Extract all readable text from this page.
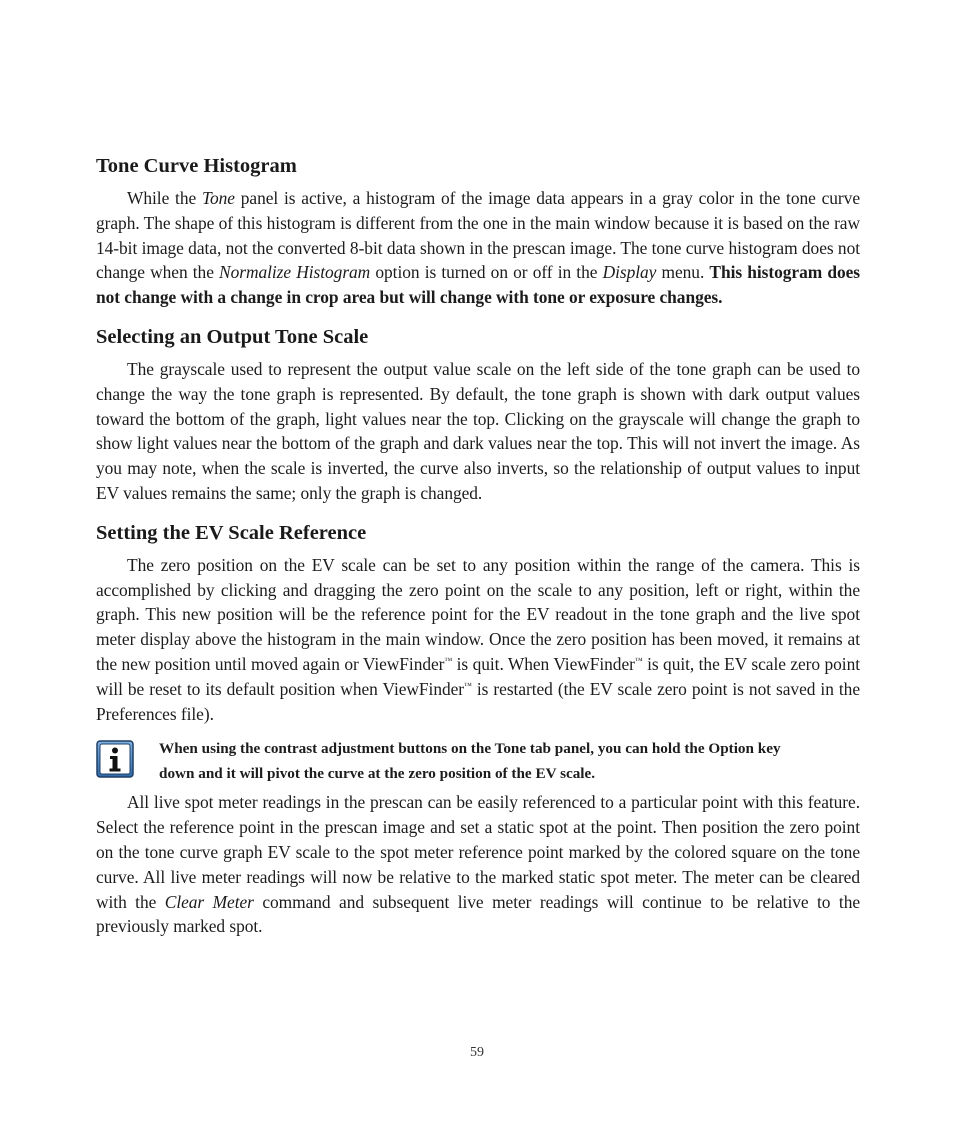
Tone Curve Histogram

While the Tone panel is active, a histogram of the image data appears in a gray color in the tone curve graph. The shape of this histogram is different from the one in the main window because it is based on the raw 14-bit image data, not the converted 8-bit data shown in the prescan image. The tone curve histogram does not change when the Normalize Histogram option is turned on or off in the Display menu. This histogram does not change with a change in crop area but will change with tone or exposure changes.

Selecting an Output Tone Scale

The grayscale used to represent the output value scale on the left side of the tone graph can be used to change the way the tone graph is represented. By default, the tone graph is shown with dark output values toward the bottom of the graph, light values near the top. Clicking on the grayscale will change the graph to show light values near the bottom of the graph and dark values near the top. This will not invert the image. As you may note, when the scale is inverted, the curve also inverts, so the relationship of output values to input EV values remains the same; only the graph is changed.

Setting the EV Scale Reference

The zero position on the EV scale can be set to any position within the range of the camera. This is accomplished by clicking and dragging the zero point on the scale to any position, left or right, within the graph. This new position will be the reference point for the EV readout in the tone graph and the live spot meter display above the histogram in the main window. Once the zero position has been moved, it remains at the new position until moved again or ViewFinder™ is quit. When ViewFinder™ is quit, the EV scale zero point will be reset to its default position when ViewFinder™ is restarted (the EV scale zero point is not saved in the Preferences file).

When using the contrast adjustment buttons on the Tone tab panel, you can hold the Option key down and it will pivot the curve at the zero position of the EV scale.

All live spot meter readings in the prescan can be easily referenced to a particular point with this feature. Select the reference point in the prescan image and set a static spot at the point. Then position the zero point on the tone curve graph EV scale to the spot meter reference point marked by the colored square on the tone curve. All live meter readings will now be relative to the marked static spot meter. The meter can be cleared with the Clear Meter command and subsequent live meter readings will continue to be relative to the previously marked spot.

59
